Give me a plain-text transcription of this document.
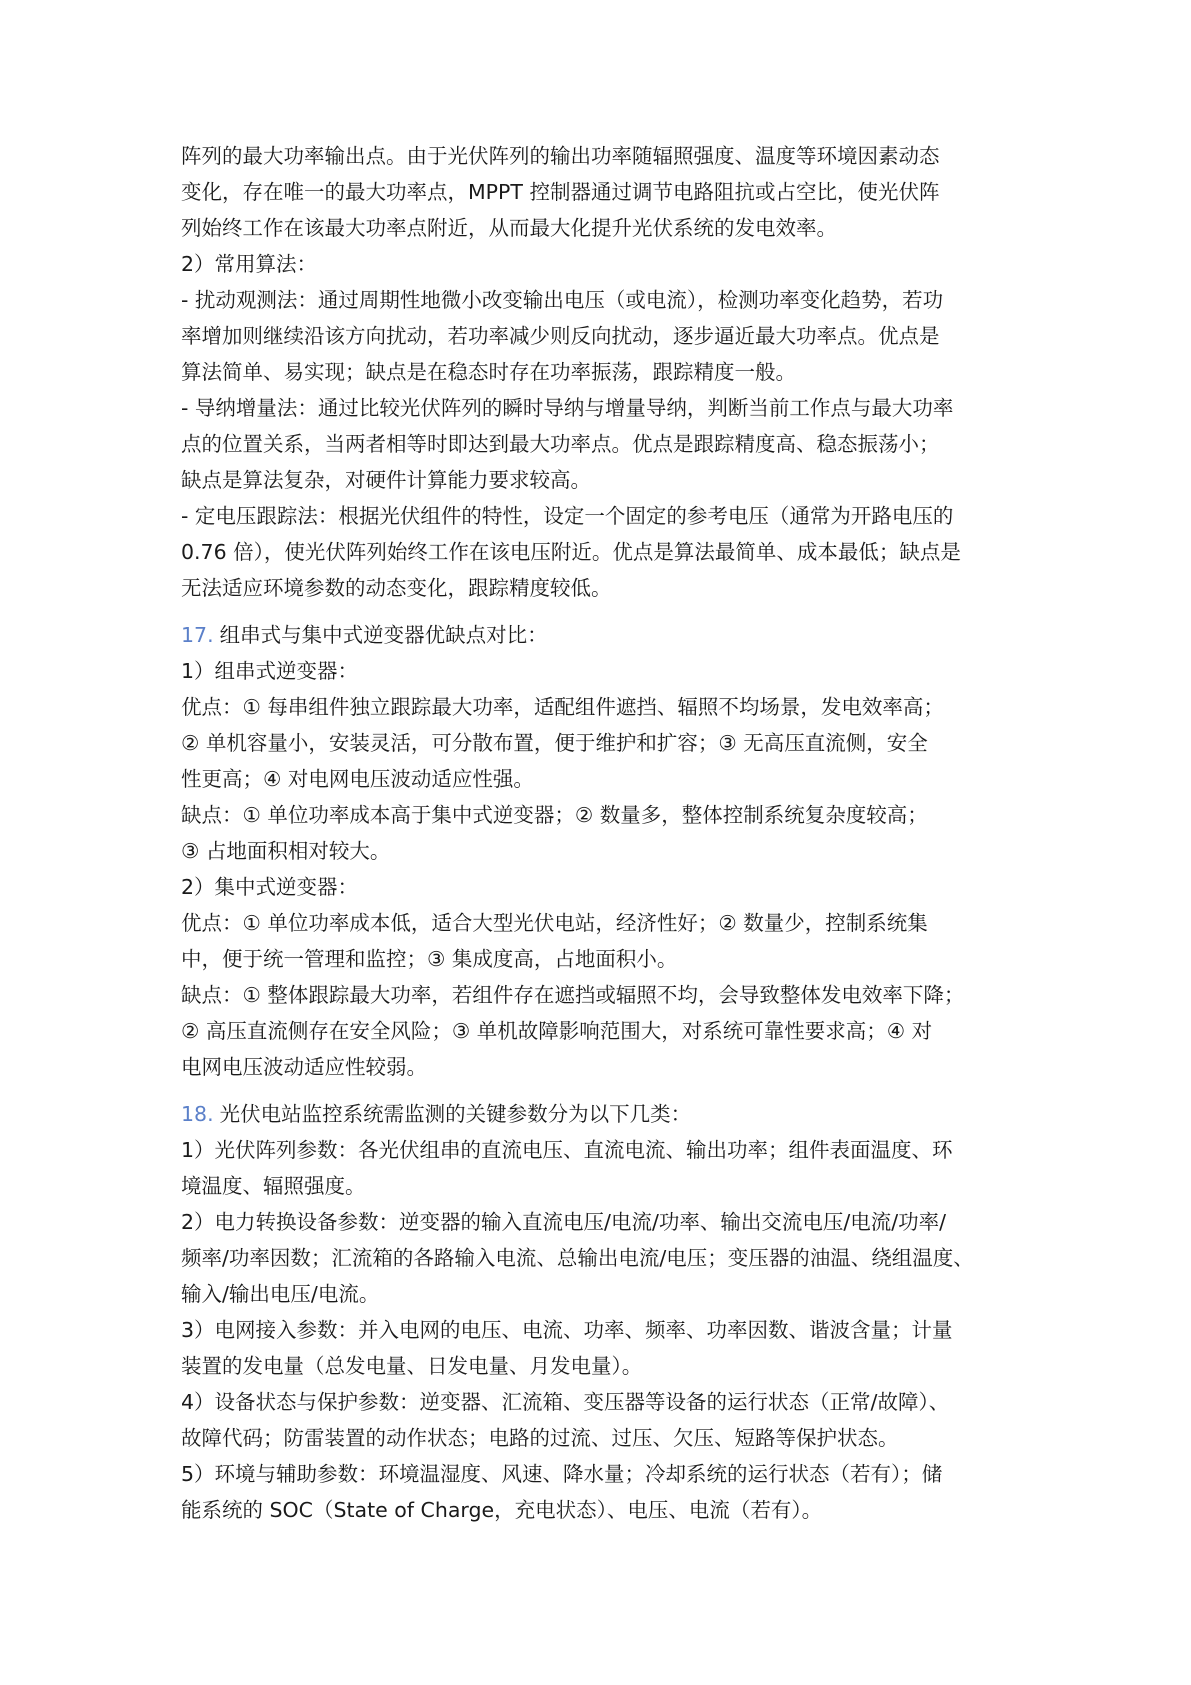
阵列的最大功率输出点。由于光伏阵列的输出功率随辐照强度、温度等环境因素动态
变化，存在唯一的最大功率点，MPPT 控制器通过调节电路阻抗或占空比，使光伏阵
列始终工作在该最大功率点附近，从而最大化提升光伏系统的发电效率。
2）常用算法：
- 扰动观测法：通过周期性地微小改变输出电压（或电流），检测功率变化趋势，若功
率增加则继续沿该方向扰动，若功率减少则反向扰动，逐步逼近最大功率点。优点是
算法简单、易实现；缺点是在稳态时存在功率振荡，跟踪精度一般。
- 导纳增量法：通过比较光伏阵列的瞬时导纳与增量导纳，判断当前工作点与最大功率
点的位置关系，当两者相等时即达到最大功率点。优点是跟踪精度高、稳态振荡小；
缺点是算法复杂，对硬件计算能力要求较高。
- 定电压跟踪法：根据光伏组件的特性，设定一个固定的参考电压（通常为开路电压的
0.76 倍），使光伏阵列始终工作在该电压附近。优点是算法最简单、成本最低；缺点是
无法适应环境参数的动态变化，跟踪精度较低。
17. 组串式与集中式逆变器优缺点对比：
1）组串式逆变器：
优点：① 每串组件独立跟踪最大功率，适配组件遮挡、辐照不均场景，发电效率高；
② 单机容量小，安装灵活，可分散布置，便于维护和扩容；③ 无高压直流侧，安全
性更高；④ 对电网电压波动适应性强。
缺点：① 单位功率成本高于集中式逆变器；② 数量多，整体控制系统复杂度较高；
③ 占地面积相对较大。
2）集中式逆变器：
优点：① 单位功率成本低，适合大型光伏电站，经济性好；② 数量少，控制系统集
中，便于统一管理和监控；③ 集成度高，占地面积小。
缺点：① 整体跟踪最大功率，若组件存在遮挡或辐照不均，会导致整体发电效率下降；
② 高压直流侧存在安全风险；③ 单机故障影响范围大，对系统可靠性要求高；④ 对
电网电压波动适应性较弱。
18. 光伏电站监控系统需监测的关键参数分为以下几类：
1）光伏阵列参数：各光伏组串的直流电压、直流电流、输出功率；组件表面温度、环
境温度、辐照强度。
2）电力转换设备参数：逆变器的输入直流电压/电流/功率、输出交流电压/电流/功率/
频率/功率因数；汇流箱的各路输入电流、总输出电流/电压；变压器的油温、绕组温度、
输入/输出电压/电流。
3）电网接入参数：并入电网的电压、电流、功率、频率、功率因数、谐波含量；计量
装置的发电量（总发电量、日发电量、月发电量）。
4）设备状态与保护参数：逆变器、汇流箱、变压器等设备的运行状态（正常/故障）、
故障代码；防雷装置的动作状态；电路的过流、过压、欠压、短路等保护状态。
5）环境与辅助参数：环境温湿度、风速、降水量；冷却系统的运行状态（若有）；储
能系统的 SOC（State of Charge，充电状态）、电压、电流（若有）。
